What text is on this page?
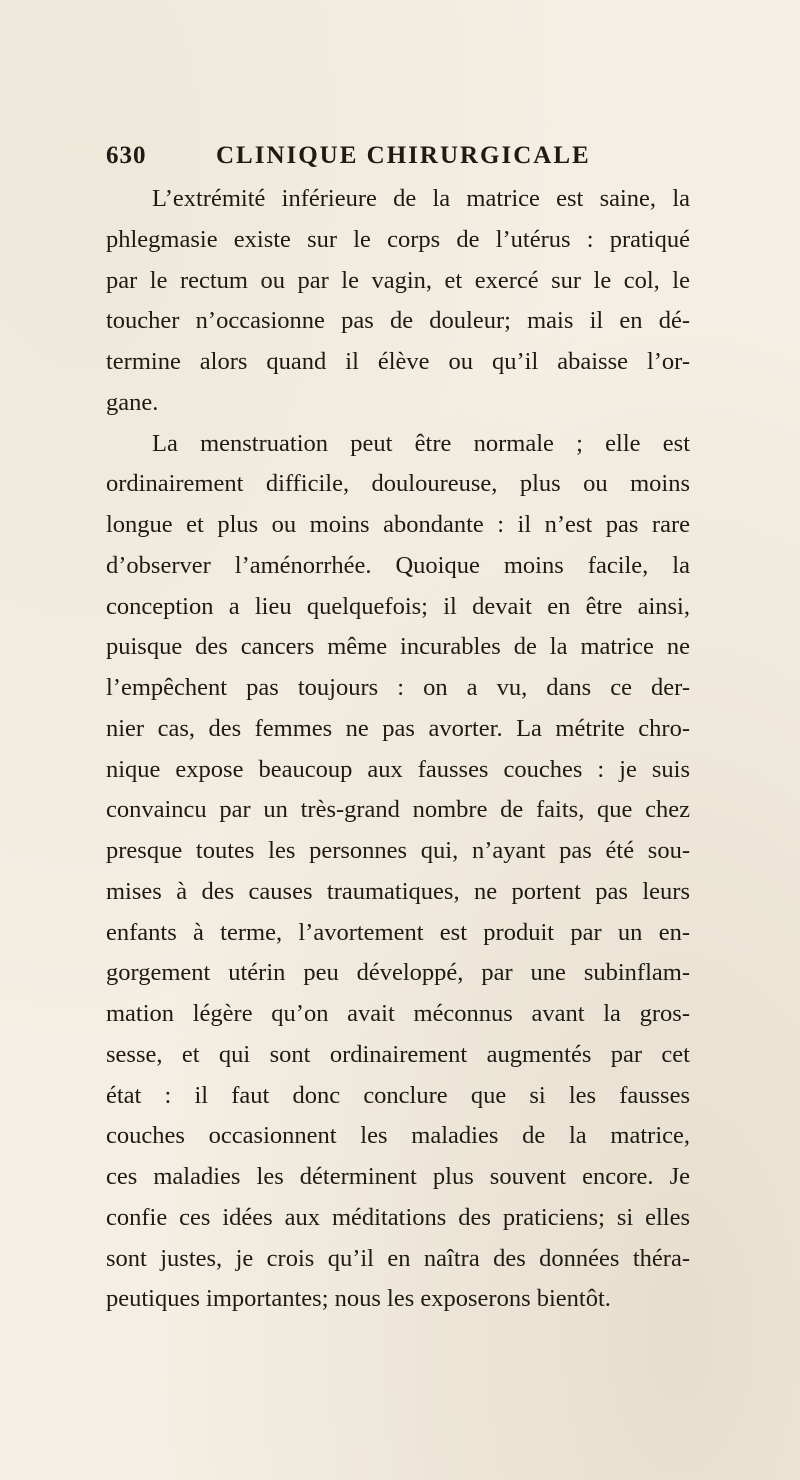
630	CLINIQUE CHIRURGICALE
L’extrémité inférieure de la matrice est saine, la
phlegmasie existe sur le corps de l’utérus : pratiqué
par le rectum ou par le vagin, et exercé sur le col, le
toucher n’occasionne pas de douleur; mais il en dé-
termine alors quand il élève ou qu’il abaisse l’or-
gane.
La menstruation peut être normale ; elle est
ordinairement difficile, douloureuse, plus ou moins
longue et plus ou moins abondante : il n’est pas rare
d’observer l’aménorrhée. Quoique moins facile, la
conception a lieu quelquefois; il devait en être ainsi,
puisque des cancers même incurables de la matrice ne
l’empêchent pas toujours : on a vu, dans ce der-
nier cas, des femmes ne pas avorter. La métrite chro-
nique expose beaucoup aux fausses couches : je suis
convaincu par un très-grand nombre de faits, que chez
presque toutes les personnes qui, n’ayant pas été sou-
mises à des causes traumatiques, ne portent pas leurs
enfants à terme, l’avortement est produit par un en-
gorgement utérin peu développé, par une subinflam-
mation légère qu’on avait méconnus avant la gros-
sesse, et qui sont ordinairement augmentés par cet
état : il faut donc conclure que si les fausses
couches occasionnent les maladies de la matrice,
ces maladies les déterminent plus souvent encore. Je
confie ces idées aux méditations des praticiens; si elles
sont justes, je crois qu’il en naîtra des données théra-
peutiques importantes; nous les exposerons bientôt.
